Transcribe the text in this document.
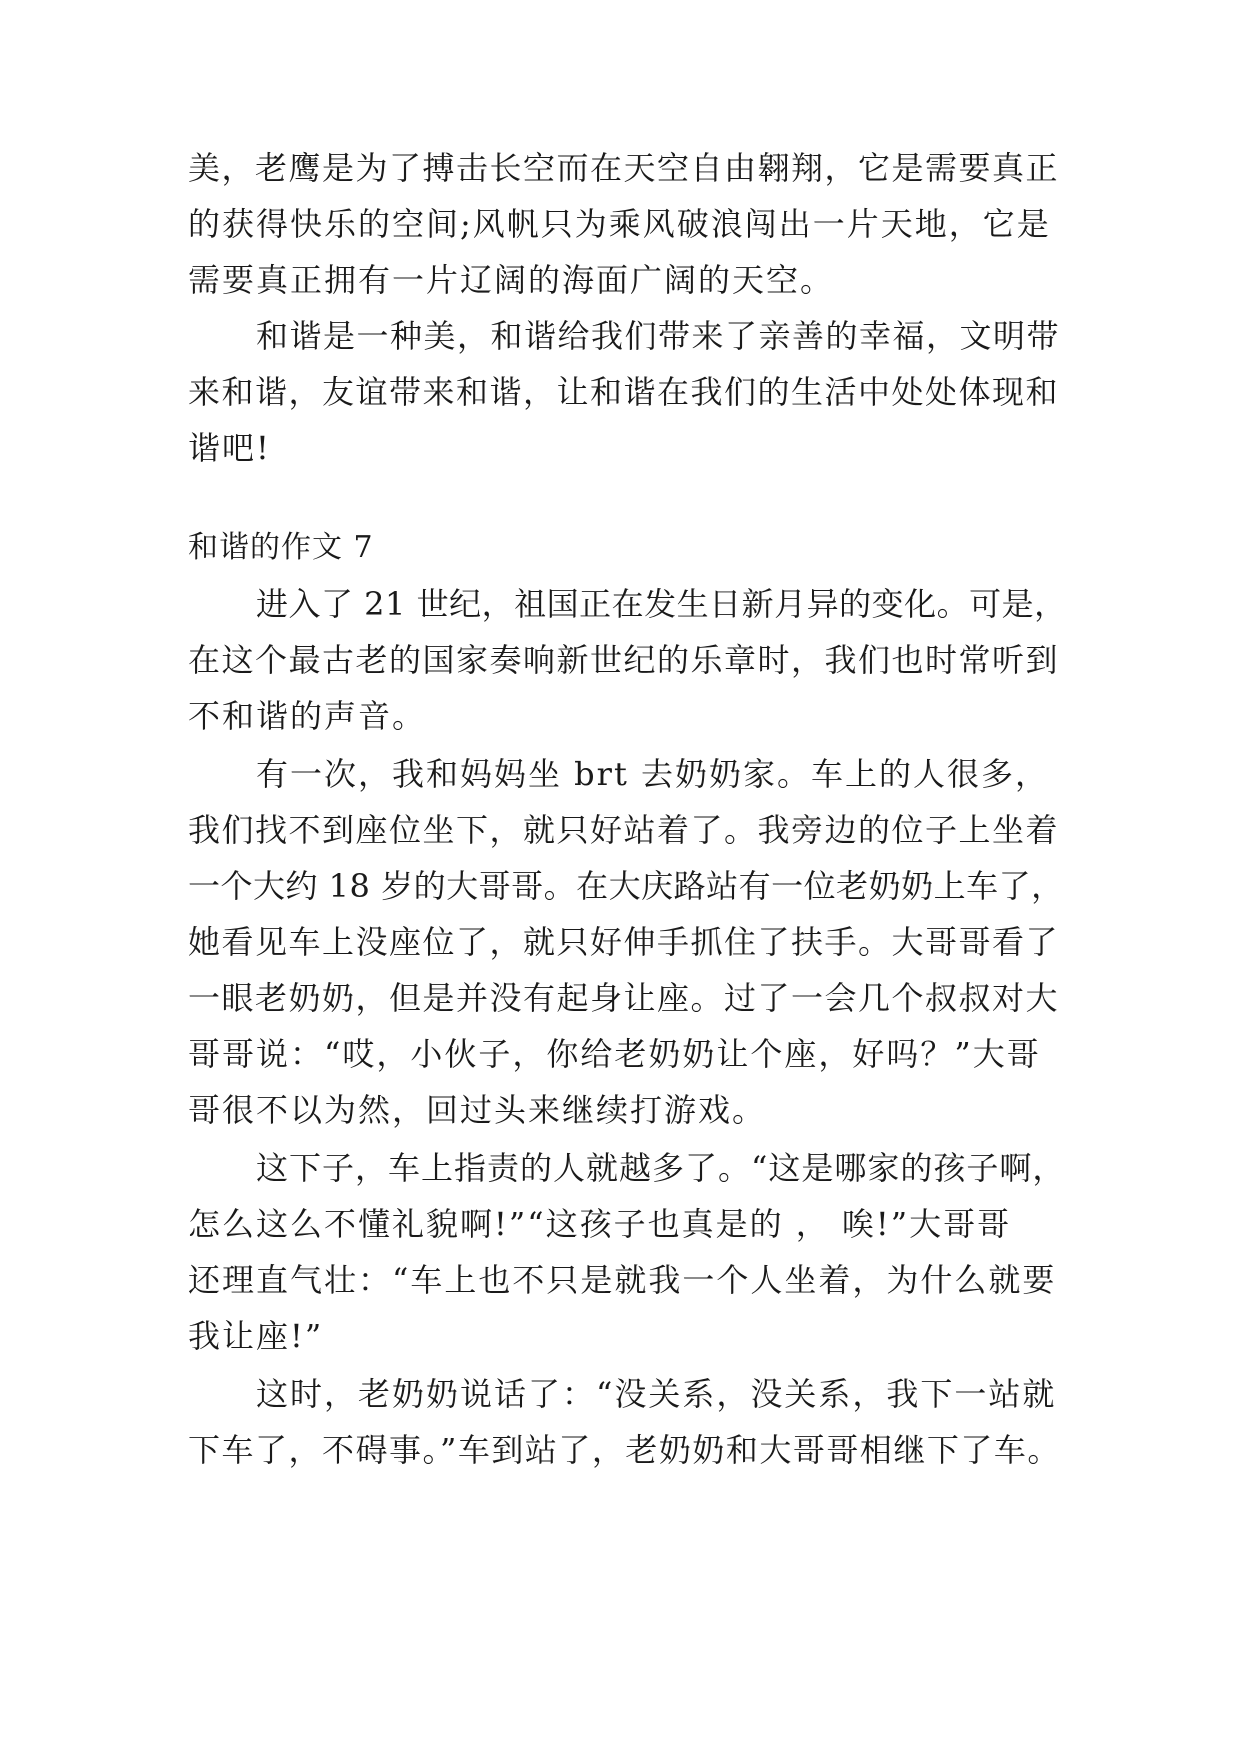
美，老鹰是为了搏击长空而在天空自由翱翔，它是需要真正
的获得快乐的空间;风帆只为乘风破浪闯出一片天地，它是
需要真正拥有一片辽阔的海面广阔的天空。
和谐是一种美，和谐给我们带来了亲善的幸福，文明带
来和谐，友谊带来和谐，让和谐在我们的生活中处处体现和
谐吧!
和谐的作文 7
进入了 21 世纪，祖国正在发生日新月异的变化。可是，
在这个最古老的国家奏响新世纪的乐章时，我们也时常听到
不和谐的声音。
有一次，我和妈妈坐 brt 去奶奶家。车上的人很多，
我们找不到座位坐下，就只好站着了。我旁边的位子上坐着
一个大约 18 岁的大哥哥。在大庆路站有一位老奶奶上车了，
她看见车上没座位了，就只好伸手抓住了扶手。大哥哥看了
一眼老奶奶，但是并没有起身让座。过了一会几个叔叔对大
哥哥说：“哎，小伙子，你给老奶奶让个座，好吗？”大哥
哥很不以为然，回过头来继续打游戏。
这下子，车上指责的人就越多了。“这是哪家的孩子啊，
怎么这么不懂礼貌啊!”“这孩子也真是的 ， 唉!”大哥哥
还理直气壮：“车上也不只是就我一个人坐着，为什么就要
我让座!”
这时，老奶奶说话了：“没关系，没关系，我下一站就
下车了，不碍事。”车到站了，老奶奶和大哥哥相继下了车。
